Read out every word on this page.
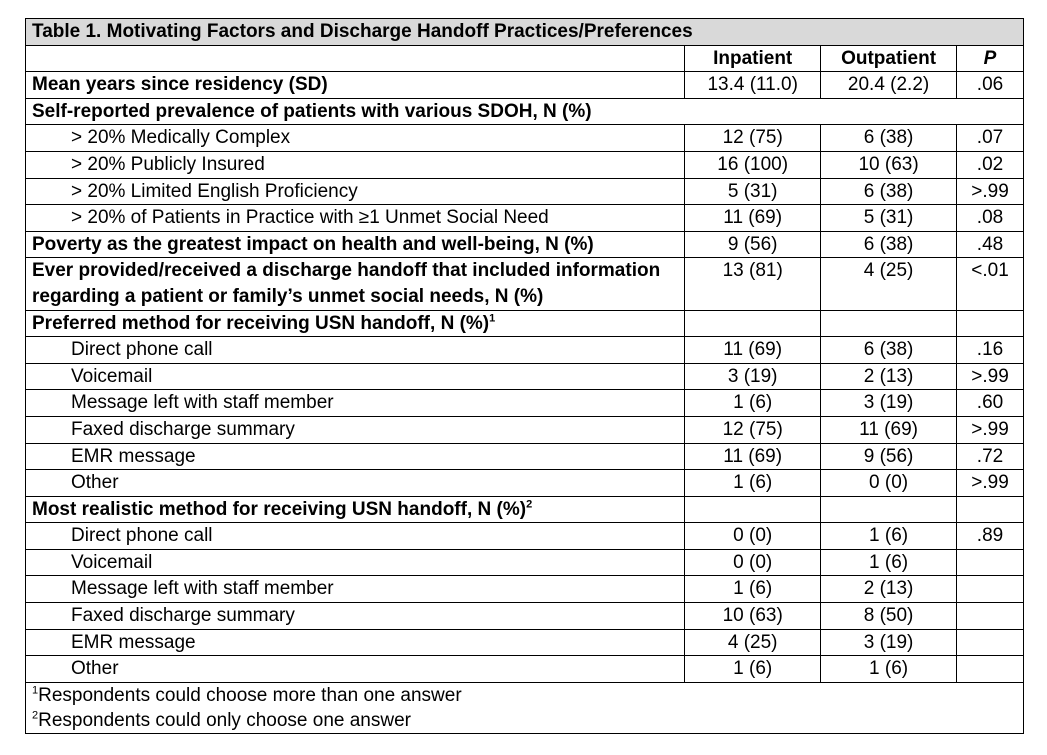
Table 1. Motivating Factors and Discharge Handoff Practices/Preferences			
	Inpatient	Outpatient	P
Mean years since residency (SD)	13.4 (11.0)	20.4 (2.2)	.06
Self-reported prevalence of patients with various SDOH, N (%)			
> 20% Medically Complex	12 (75)	6 (38)	.07
> 20% Publicly Insured	16 (100)	10 (63)	.02
> 20% Limited English Proficiency	5 (31)	6 (38)	>.99
> 20% of Patients in Practice with ≥1 Unmet Social Need	11 (69)	5 (31)	.08
Poverty as the greatest impact on health and well-being, N (%)	9 (56)	6 (38)	.48
Ever provided/received a discharge handoff that included information regarding a patient or family’s unmet social needs, N (%)	13 (81)	4 (25)	<.01
Preferred method for receiving USN handoff, N (%)$^1$			
Direct phone call	11 (69)	6 (38)	.16
Voicemail	3 (19)	2 (13)	>.99
Message left with staff member	1 (6)	3 (19)	.60
Faxed discharge summary	12 (75)	11 (69)	>.99
EMR message	11 (69)	9 (56)	.72
Other	1 (6)	0 (0)	>.99
Most realistic method for receiving USN handoff, N (%)$^2$			
Direct phone call	0 (0)	1 (6)	.89
Voicemail	0 (0)	1 (6)	
Message left with staff member	1 (6)	2 (13)	
Faxed discharge summary	10 (63)	8 (50)	
EMR message	4 (25)	3 (19)	
Other	1 (6)	1 (6)	

$^1$Respondents could choose more than one answer
$^2$Respondents could only choose one answer			
